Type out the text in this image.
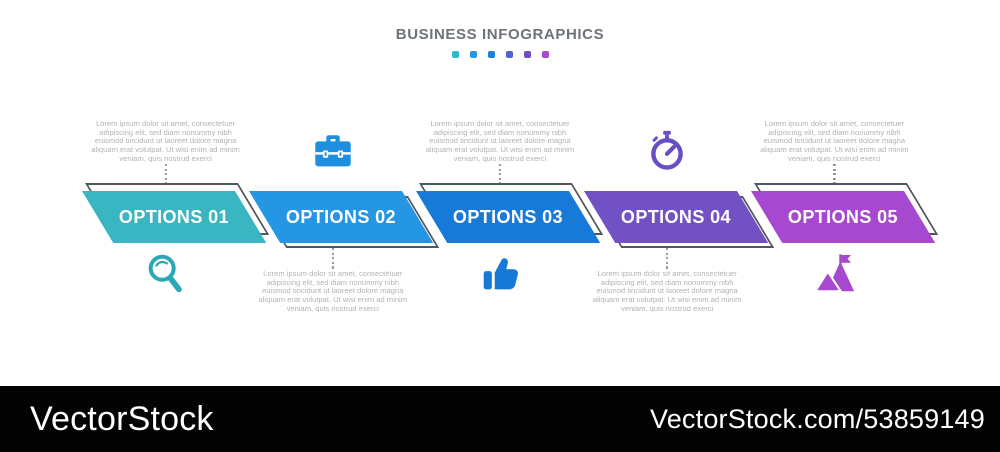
BUSINESS INFOGRAPHICS
Lorem ipsum dolor sit amet, consectetuer adipiscing elit, sed diam nonummy nibh euismod tincidunt ut laoreet dolore magna aliquam erat volutpat. Ut wisi enim ad minim veniam, quis nostrud exerci
OPTIONS 01	OPTIONS 02
Lorem ipsum dolor sit amet, consectetuer adipiscing elit, sed diam nonummy nibh euismod tincidunt ut laoreet dolore magna aliquam erat volutpat. Ut wisi enim ad minim veniam, quis nostrud exerci
Lorem ipsum dolor sit amet, consectetuer adipiscing elit, sed diam nonummy nibh euismod tincidunt ut laoreet dolore magna aliquam erat volutpat. Ut wisi enim ad minim veniam, quis nostrud exerci
OPTIONS 03	OPTIONS 04
Lorem ipsum dolor sit amet, consectetuer adipiscing elit, sed diam nonummy nibh euismod tincidunt ut laoreet dolore magna aliquam erat volutpat. Ut wisi enim ad minim veniam, quis nostrud exerci
Lorem ipsum dolor sit amet, consectetuer adipiscing elit, sed diam nonummy nibh euismod tincidunt ut laoreet dolore magna aliquam erat volutpat. Ut wisi enim ad minim veniam, quis nostrud exerci
OPTIONS 05
VectorStock	VectorStock.com/53859149
